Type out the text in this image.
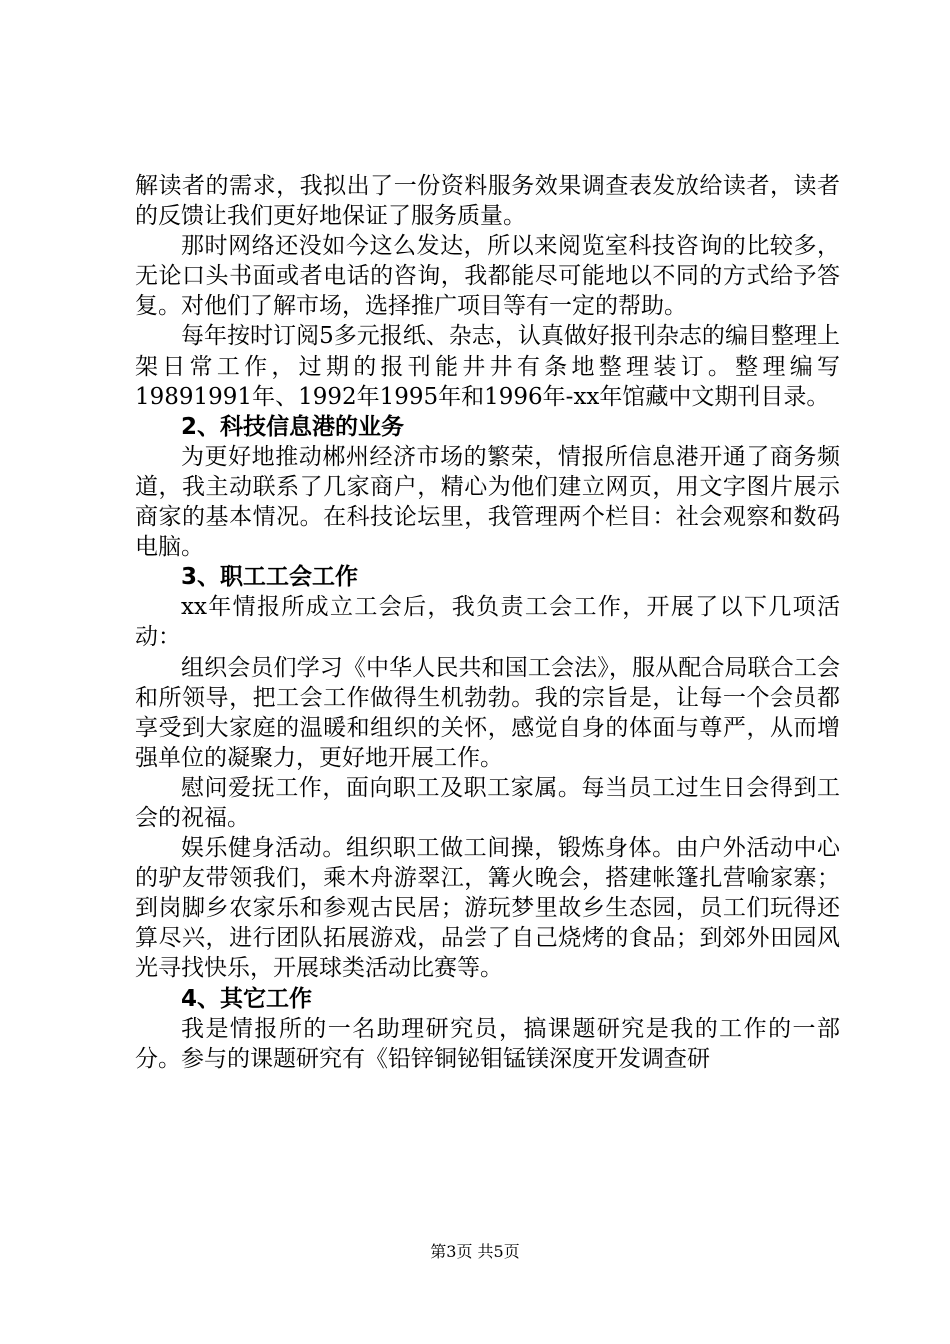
解读者的需求，我拟出了一份资料服务效果调查表发放给读者，读者的反馈让我们更好地保证了服务质量。

那时网络还没如今这么发达，所以来阅览室科技咨询的比较多，无论口头书面或者电话的咨询，我都能尽可能地以不同的方式给予答复。对他们了解市场，选择推广项目等有一定的帮助。

每年按时订阅5多元报纸、杂志，认真做好报刊杂志的编目整理上架日常工作，过期的报刊能井井有条地整理装订。整理编写19891991年、1992年1995年和1996年-xx年馆藏中文期刊目录。

2、科技信息港的业务

为更好地推动郴州经济市场的繁荣，情报所信息港开通了商务频道，我主动联系了几家商户，精心为他们建立网页，用文字图片展示商家的基本情况。在科技论坛里，我管理两个栏目：社会观察和数码电脑。

3、职工工会工作

xx年情报所成立工会后，我负责工会工作，开展了以下几项活动：

组织会员们学习《中华人民共和国工会法》，服从配合局联合工会和所领导，把工会工作做得生机勃勃。我的宗旨是，让每一个会员都享受到大家庭的温暖和组织的关怀，感觉自身的体面与尊严，从而增强单位的凝聚力，更好地开展工作。

慰问爱抚工作，面向职工及职工家属。每当员工过生日会得到工会的祝福。

娱乐健身活动。组织职工做工间操，锻炼身体。由户外活动中心的驴友带领我们，乘木舟游翠江，篝火晚会，搭建帐篷扎营喻家寨；到岗脚乡农家乐和参观古民居；游玩梦里故乡生态园，员工们玩得还算尽兴，进行团队拓展游戏，品尝了自己烧烤的食品；到郊外田园风光寻找快乐，开展球类活动比赛等。

4、其它工作

我是情报所的一名助理研究员，搞课题研究是我的工作的一部分。参与的课题研究有《铅锌铜铋钼锰镁深度开发调查研

第3页 共5页
